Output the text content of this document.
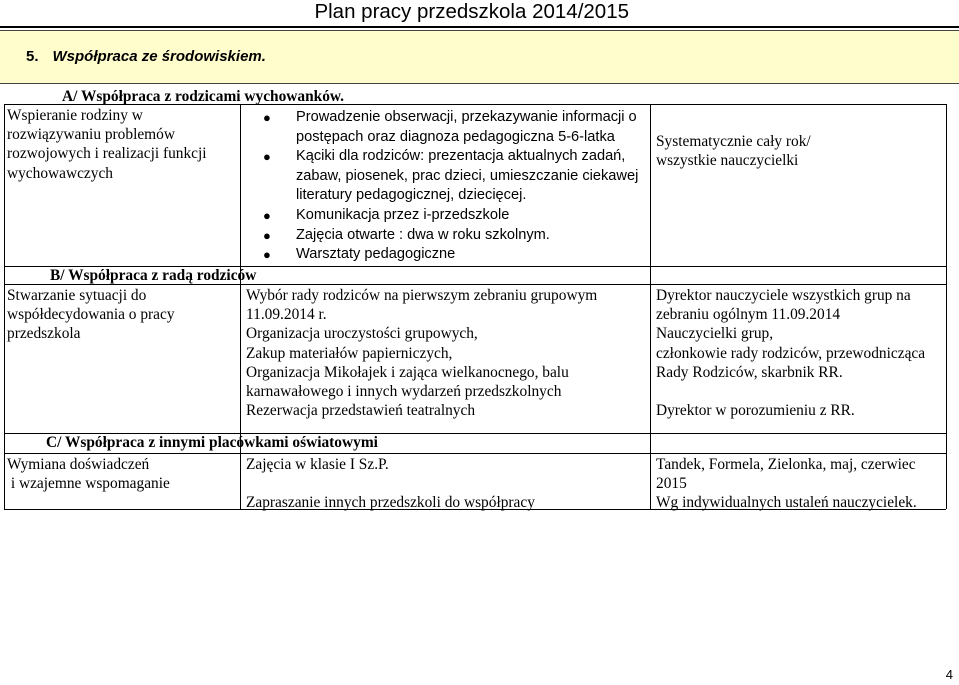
Plan pracy przedszkola 2014/2015
5. Współpraca ze środowiskiem.
A/ Współpraca z rodzicami wychowanków.
Wspieranie rodziny w
rozwiązywaniu problemów
rozwojowych i realizacji funkcji
wychowawczych
● Prowadzenie obserwacji, przekazywanie informacji o
postępach oraz diagnoza pedagogiczna 5-6-latka
● Kąciki dla rodziców: prezentacja aktualnych zadań,
zabaw, piosenek, prac dzieci, umieszczanie ciekawej
literatury pedagogicznej, dziecięcej.
● Komunikacja przez i-przedszkole
● Zajęcia otwarte : dwa w roku szkolnym.
● Warsztaty pedagogiczne
Systematycznie cały rok/
wszystkie nauczycielki
B/ Współpraca z radą rodziców
Stwarzanie sytuacji do
współdecydowania o pracy
przedszkola
Wybór rady rodziców na pierwszym zebraniu grupowym
11.09.2014 r.
Organizacja uroczystości grupowych,
Zakup materiałów papierniczych,
Organizacja Mikołajek i zająca wielkanocnego, balu
karnawałowego i innych wydarzeń przedszkolnych
Rezerwacja przedstawień teatralnych
Dyrektor nauczyciele wszystkich grup na
zebraniu ogólnym 11.09.2014
Nauczycielki grup,
członkowie rady rodziców, przewodnicząca
Rady Rodziców, skarbnik RR.

Dyrektor w porozumieniu z RR.
C/ Współpraca z innymi placówkami oświatowymi
Wymiana doświadczeń
i wzajemne wspomaganie
Zajęcia w klasie I Sz.P.

Zapraszanie innych przedszkoli do współpracy
Tandek, Formela, Zielonka, maj, czerwiec
2015
Wg indywidualnych ustaleń nauczycielek.
4
